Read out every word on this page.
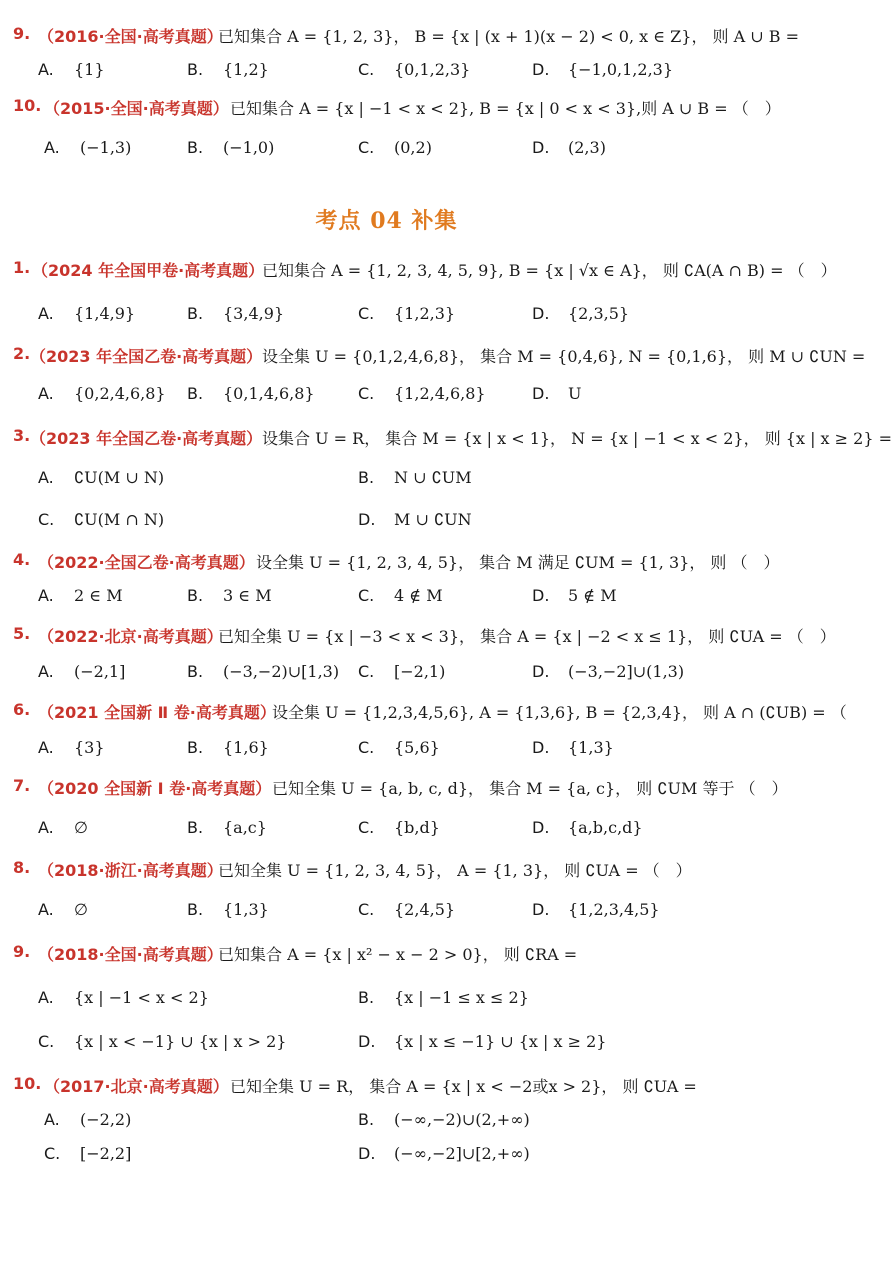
9. （2016·全国·高考真题）
已知集合 A = {1, 2, 3}， B = {x | (x + 1)(x − 2) < 0, x ∈ Z}， 则 A ∪ B =
A. {1}	B. {1,2}	C. {0,1,2,3}	D. {−1,0,1,2,3}
10. （2015·全国·高考真题） 已知集合 A = {x | −1 < x < 2}, B = {x | 0 < x < 3},则 A ∪ B = （　）
A. (−1,3)	B. (−1,0)	C. (0,2)	D. (2,3)
考点 04 补集
1. （2024 年全国甲卷·高考真题）
已知集合 A = {1, 2, 3, 4, 5, 9}, B = {x | √x ∈ A}， 则 ∁A(A ∩ B) = （　）
A. {1,4,9}	B. {3,4,9}	C. {1,2,3}	D. {2,3,5}
2. （2023 年全国乙卷·高考真题） 设全集 U = {0,1,2,4,6,8}， 集合 M = {0,4,6}, N = {0,1,6}， 则 M ∪ ∁UN =
A. {0,2,4,6,8} B. {0,1,4,6,8}	C. {1,2,4,6,8}	D. U
3. （2023 年全国乙卷·高考真题） 设集合 U = R， 集合 M = {x | x < 1}， N = {x | −1 < x < 2}， 则 {x | x ≥ 2} =
A. ∁U(M ∪ N)	B. N ∪ ∁UM
C. ∁U(M ∩ N)	D. M ∪ ∁UN
4. （2022·全国乙卷·高考真题） 设全集 U = {1, 2, 3, 4, 5}， 集合 M 满足 ∁UM = {1, 3}， 则 （　）
A. 2 ∈ M	B. 3 ∈ M	C. 4 ∉ M	D. 5 ∉ M
5. （2022·北京·高考真题）
已知全集 U = {x | −3 < x < 3}， 集合 A = {x | −2 < x ≤ 1}， 则 ∁UA = （　）
A. (−2,1]	B. (−3,−2)∪[1,3) C. [−2,1)	D. (−3,−2]∪(1,3)
6. （2021 全国新 Ⅱ 卷·高考真题）
设全集 U = {1,2,3,4,5,6}, A = {1,3,6}, B = {2,3,4}， 则 A ∩ (∁UB) = （
A. {3}	B. {1,6}	C. {5,6}	D. {1,3}
7. （2020 全国新 Ⅰ 卷·高考真题） 已知全集 U = {a, b, c, d}， 集合 M = {a, c}， 则 ∁UM 等于 （　）
A. ∅	B. {a,c}	C. {b,d}	D. {a,b,c,d}
8. （2018·浙江·高考真题）
已知全集 U = {1, 2, 3, 4, 5}， A = {1, 3}， 则 ∁UA = （　）
A. ∅	B. {1,3}	C. {2,4,5}	D. {1,2,3,4,5}
9. （2018·全国·高考真题）
已知集合 A = {x | x² − x − 2 > 0}， 则 ∁RA =
A. {x | −1 < x < 2}	B. {x | −1 ≤ x ≤ 2}
C. {x | x < −1} ∪ {x | x > 2}	D. {x | x ≤ −1} ∪ {x | x ≥ 2}
10. （2017·北京·高考真题） 已知全集 U = R， 集合 A = {x | x < −2或x > 2}， 则 ∁UA =
A. (−2,2)	B. (−∞,−2)∪(2,+∞)
C. [−2,2]	D. (−∞,−2]∪[2,+∞)
